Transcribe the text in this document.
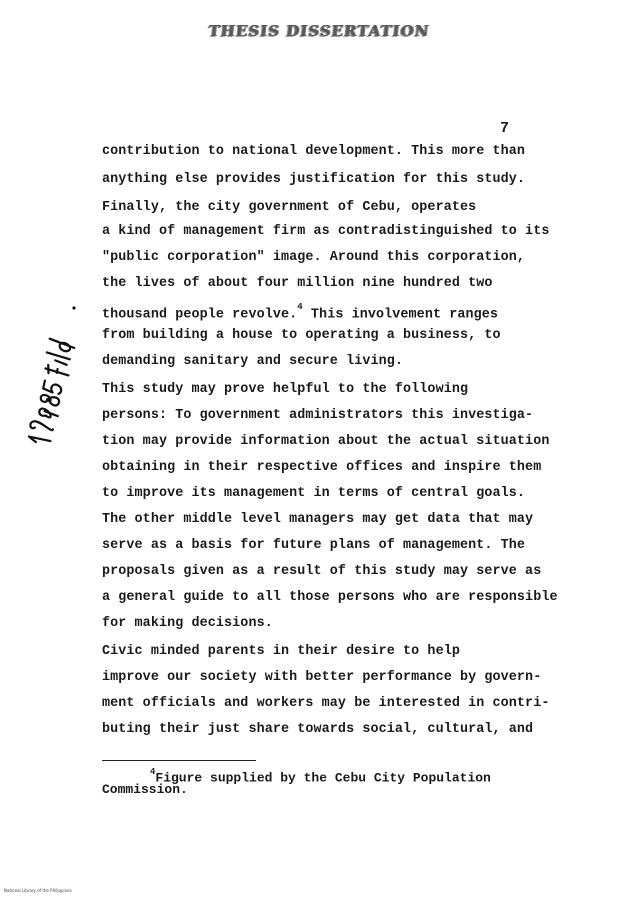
THESIS DISSERTATION
7
contribution to national development. This more than
anything else provides justification for this study.
Finally, the city government of Cebu, operates
a kind of management firm as contradistinguished to its
"public corporation" image. Around this corporation,
the lives of about four million nine hundred two
thousand people revolve.$^4$ This involvement ranges
from building a house to operating a business, to
demanding sanitary and secure living.
This study may prove helpful to the following
persons: To government administrators this investiga-
tion may provide information about the actual situation
obtaining in their respective offices and inspire them
to improve its management in terms of central goals.
The other middle level managers may get data that may
serve as a basis for future plans of management. The
proposals given as a result of this study may serve as
a general guide to all those persons who are responsible
for making decisions.
Civic minded parents in their desire to help
improve our society with better performance by govern-
ment officials and workers may be interested in contri-
buting their just share towards social, cultural, and
$^4$Figure supplied by the Cebu City Population
Commission.
National Library of the Philippines
